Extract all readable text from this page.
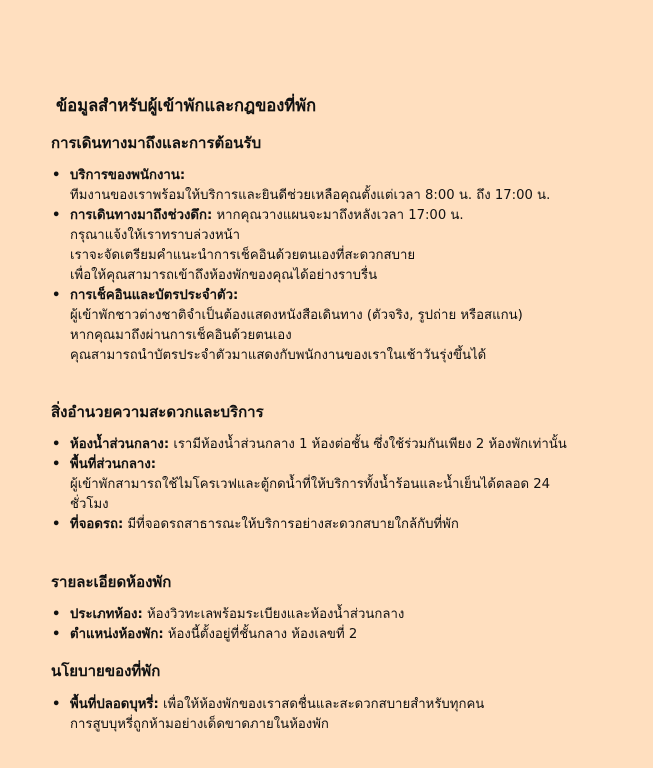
ข้อมูลสำหรับผู้เข้าพักและกฎของที่พัก
การเดินทางมาถึงและการต้อนรับ
• บริการของพนักงาน:
ทีมงานของเราพร้อมให้บริการและยินดีช่วยเหลือคุณตั้งแต่เวลา 8:00 น. ถึง 17:00 น.
• การเดินทางมาถึงช่วงดึก: หากคุณวางแผนจะมาถึงหลังเวลา 17:00 น.
กรุณาแจ้งให้เราทราบล่วงหน้า
เราจะจัดเตรียมคำแนะนำการเช็คอินด้วยตนเองที่สะดวกสบาย
เพื่อให้คุณสามารถเข้าถึงห้องพักของคุณได้อย่างราบรื่น
• การเช็คอินและบัตรประจำตัว:
ผู้เข้าพักชาวต่างชาติจำเป็นต้องแสดงหนังสือเดินทาง (ตัวจริง, รูปถ่าย หรือสแกน)
หากคุณมาถึงผ่านการเช็คอินด้วยตนเอง
คุณสามารถนำบัตรประจำตัวมาแสดงกับพนักงานของเราในเช้าวันรุ่งขึ้นได้
สิ่งอำนวยความสะดวกและบริการ
• ห้องน้ำส่วนกลาง: เรามีห้องน้ำส่วนกลาง 1 ห้องต่อชั้น ซึ่งใช้ร่วมกันเพียง 2 ห้องพักเท่านั้น
• พื้นที่ส่วนกลาง:
ผู้เข้าพักสามารถใช้ไมโครเวฟและตู้กดน้ำที่ให้บริการทั้งน้ำร้อนและน้ำเย็นได้ตลอด 24 ชั่วโมง
• ที่จอดรถ: มีที่จอดรถสาธารณะให้บริการอย่างสะดวกสบายใกล้กับที่พัก
รายละเอียดห้องพัก
• ประเภทห้อง: ห้องวิวทะเลพร้อมระเบียงและห้องน้ำส่วนกลาง
• ตำแหน่งห้องพัก: ห้องนี้ตั้งอยู่ที่ชั้นกลาง ห้องเลขที่ 2
นโยบายของที่พัก
• พื้นที่ปลอดบุหรี่: เพื่อให้ห้องพักของเราสดชื่นและสะดวกสบายสำหรับทุกคน
การสูบบุหรี่ถูกห้ามอย่างเด็ดขาดภายในห้องพัก
